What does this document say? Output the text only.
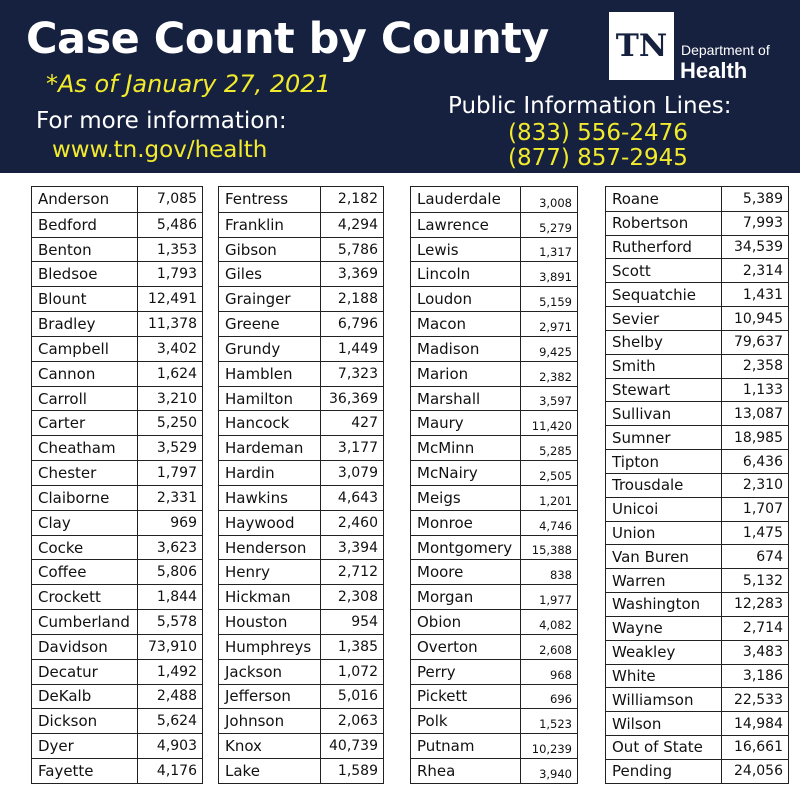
Case Count by County
*As of January 27, 2021
For more information:
www.tn.gov/health
Public Information Lines:
(833) 556-2476
(877) 857-2945
TN Department of
Health
Anderson	7,085
Bedford	5,486
Benton	1,353
Bledsoe	1,793
Blount	12,491
Bradley	11,378
Campbell	3,402
Cannon	1,624
Carroll	3,210
Carter	5,250
Cheatham	3,529
Chester	1,797
Claiborne	2,331
Clay	969
Cocke	3,623
Coffee	5,806
Crockett	1,844
Cumberland	5,578
Davidson	73,910
Decatur	1,492
DeKalb	2,488
Dickson	5,624
Dyer	4,903
Fayette	4,176
Fentress	2,182
Franklin	4,294
Gibson	5,786
Giles	3,369
Grainger	2,188
Greene	6,796
Grundy	1,449
Hamblen	7,323
Hamilton	36,369
Hancock	427
Hardeman	3,177
Hardin	3,079
Hawkins	4,643
Haywood	2,460
Henderson	3,394
Henry	2,712
Hickman	2,308
Houston	954
Humphreys	1,385
Jackson	1,072
Jefferson	5,016
Johnson	2,063
Knox	40,739
Lake	1,589
Lauderdale	3,008
Lawrence	5,279
Lewis	1,317
Lincoln	3,891
Loudon	5,159
Macon	2,971
Madison	9,425
Marion	2,382
Marshall	3,597
Maury	11,420
McMinn	5,285
McNairy	2,505
Meigs	1,201
Monroe	4,746
Montgomery	15,388
Moore	838
Morgan	1,977
Obion	4,082
Overton	2,608
Perry	968
Pickett	696
Polk	1,523
Putnam	10,239
Rhea	3,940
Roane	5,389
Robertson	7,993
Rutherford	34,539
Scott	2,314
Sequatchie	1,431
Sevier	10,945
Shelby	79,637
Smith	2,358
Stewart	1,133
Sullivan	13,087
Sumner	18,985
Tipton	6,436
Trousdale	2,310
Unicoi	1,707
Union	1,475
Van Buren	674
Warren	5,132
Washington	12,283
Wayne	2,714
Weakley	3,483
White	3,186
Williamson	22,533
Wilson	14,984
Out of State	16,661
Pending	24,056
